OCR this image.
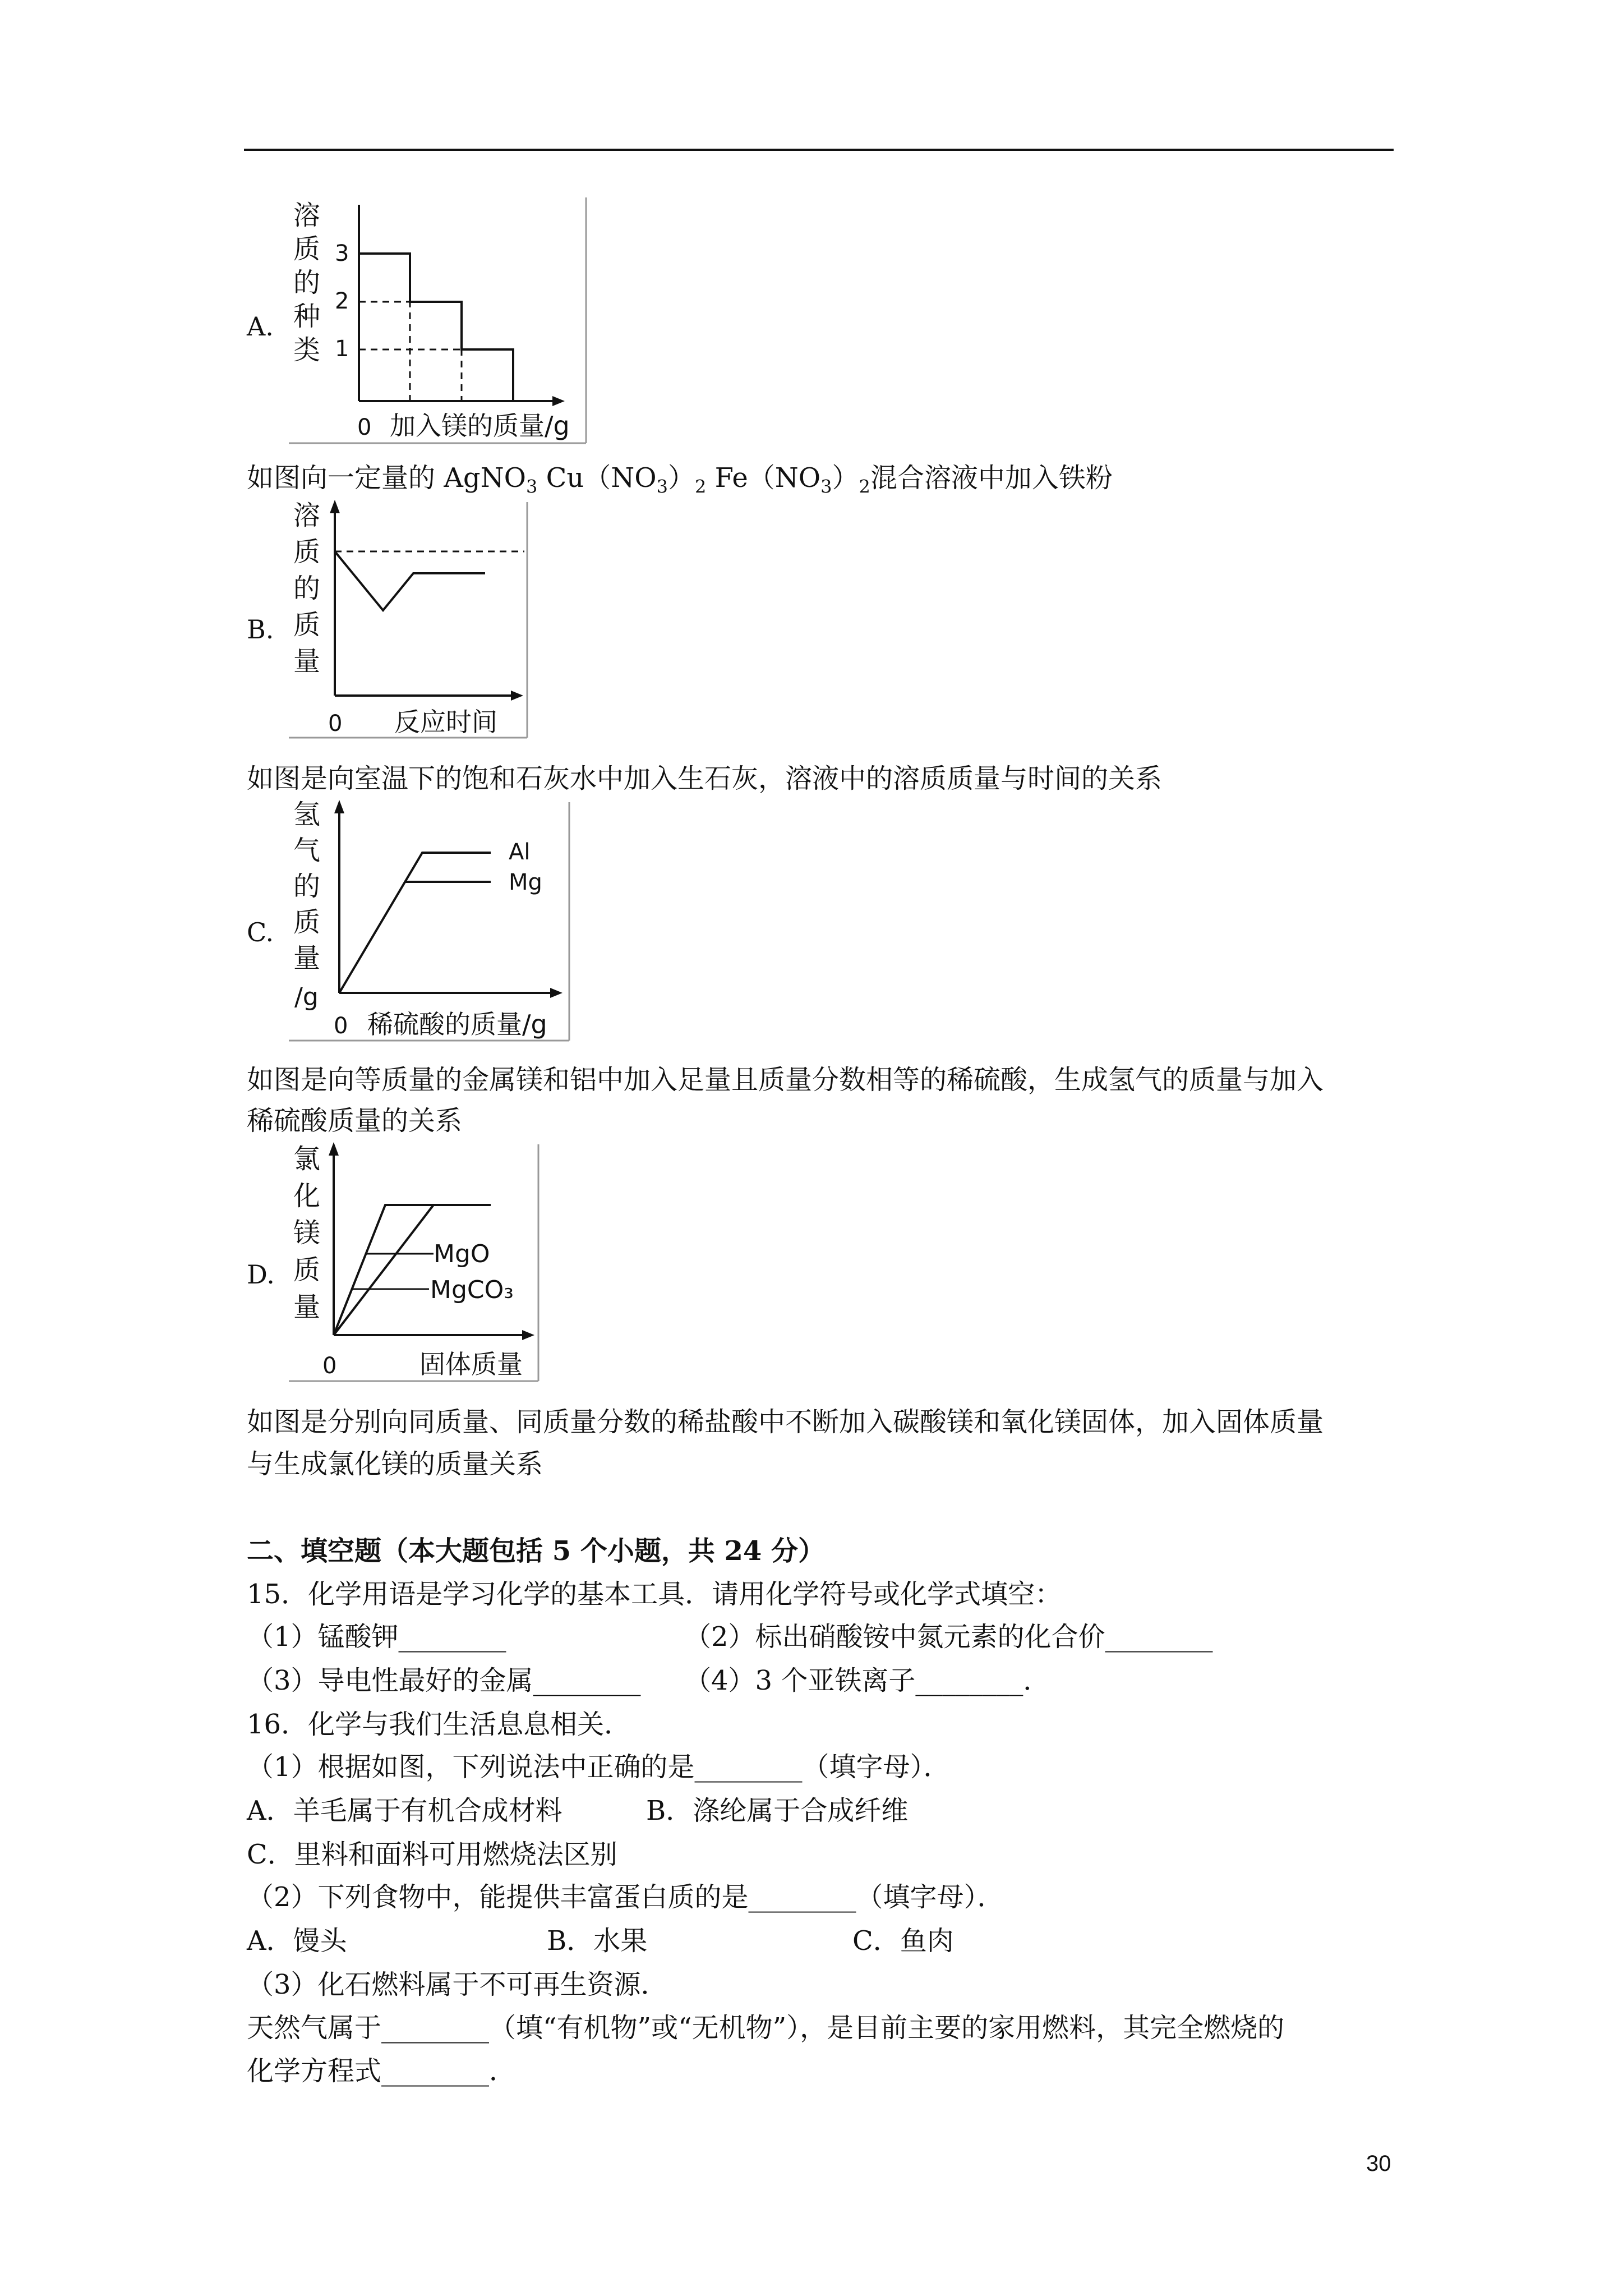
A.
溶
质
的
种
类
3
2
1
0 加入镁的质量/g
如图向一定量的 AgNO$_3$ $Cu(NO_3)_2$ $Fe(NO_3)_2$混合溶液中加入铁粉
B.
溶
质
的
质
量
0 反应时间
如图是向室温下的饱和石灰水中加入生石灰，溶液中的溶质质量与时间的关系
C.
氢
气
的
质
量
/g
Al
Mg
0 稀硫酸的质量/g
如图是向等质量的金属镁和铝中加入足量且质量分数相等的稀硫酸，生成氢气的质量与加入
稀硫酸质量的关系
D.
氯
化
镁
质
量
MgO
MgCO₃
0	固体质量
如图是分别向同质量、同质量分数的稀盐酸中不断加入碳酸镁和氧化镁固体，加入固体质量
与生成氯化镁的质量关系
二、填空题（本大题包括 5 个小题，共 24 分）
15．化学用语是学习化学的基本工具．请用化学符号或化学式填空：
（1）锰酸钾________	（2）标出硝酸铵中氮元素的化合价________
（3）导电性最好的金属________ （4）3 个亚铁离子________．
16．化学与我们生活息息相关．
（1）根据如图，下列说法中正确的是________（填字母）．
A．羊毛属于有机合成材料	B．涤纶属于合成纤维
C．里料和面料可用燃烧法区别
（2）下列食物中，能提供丰富蛋白质的是________（填字母）．
A．馒头	B．水果	C．鱼肉
（3）化石燃料属于不可再生资源．
天然气属于________（填“有机物”或“无机物”），是目前主要的家用燃料，其完全燃烧的
化学方程式________．
30
